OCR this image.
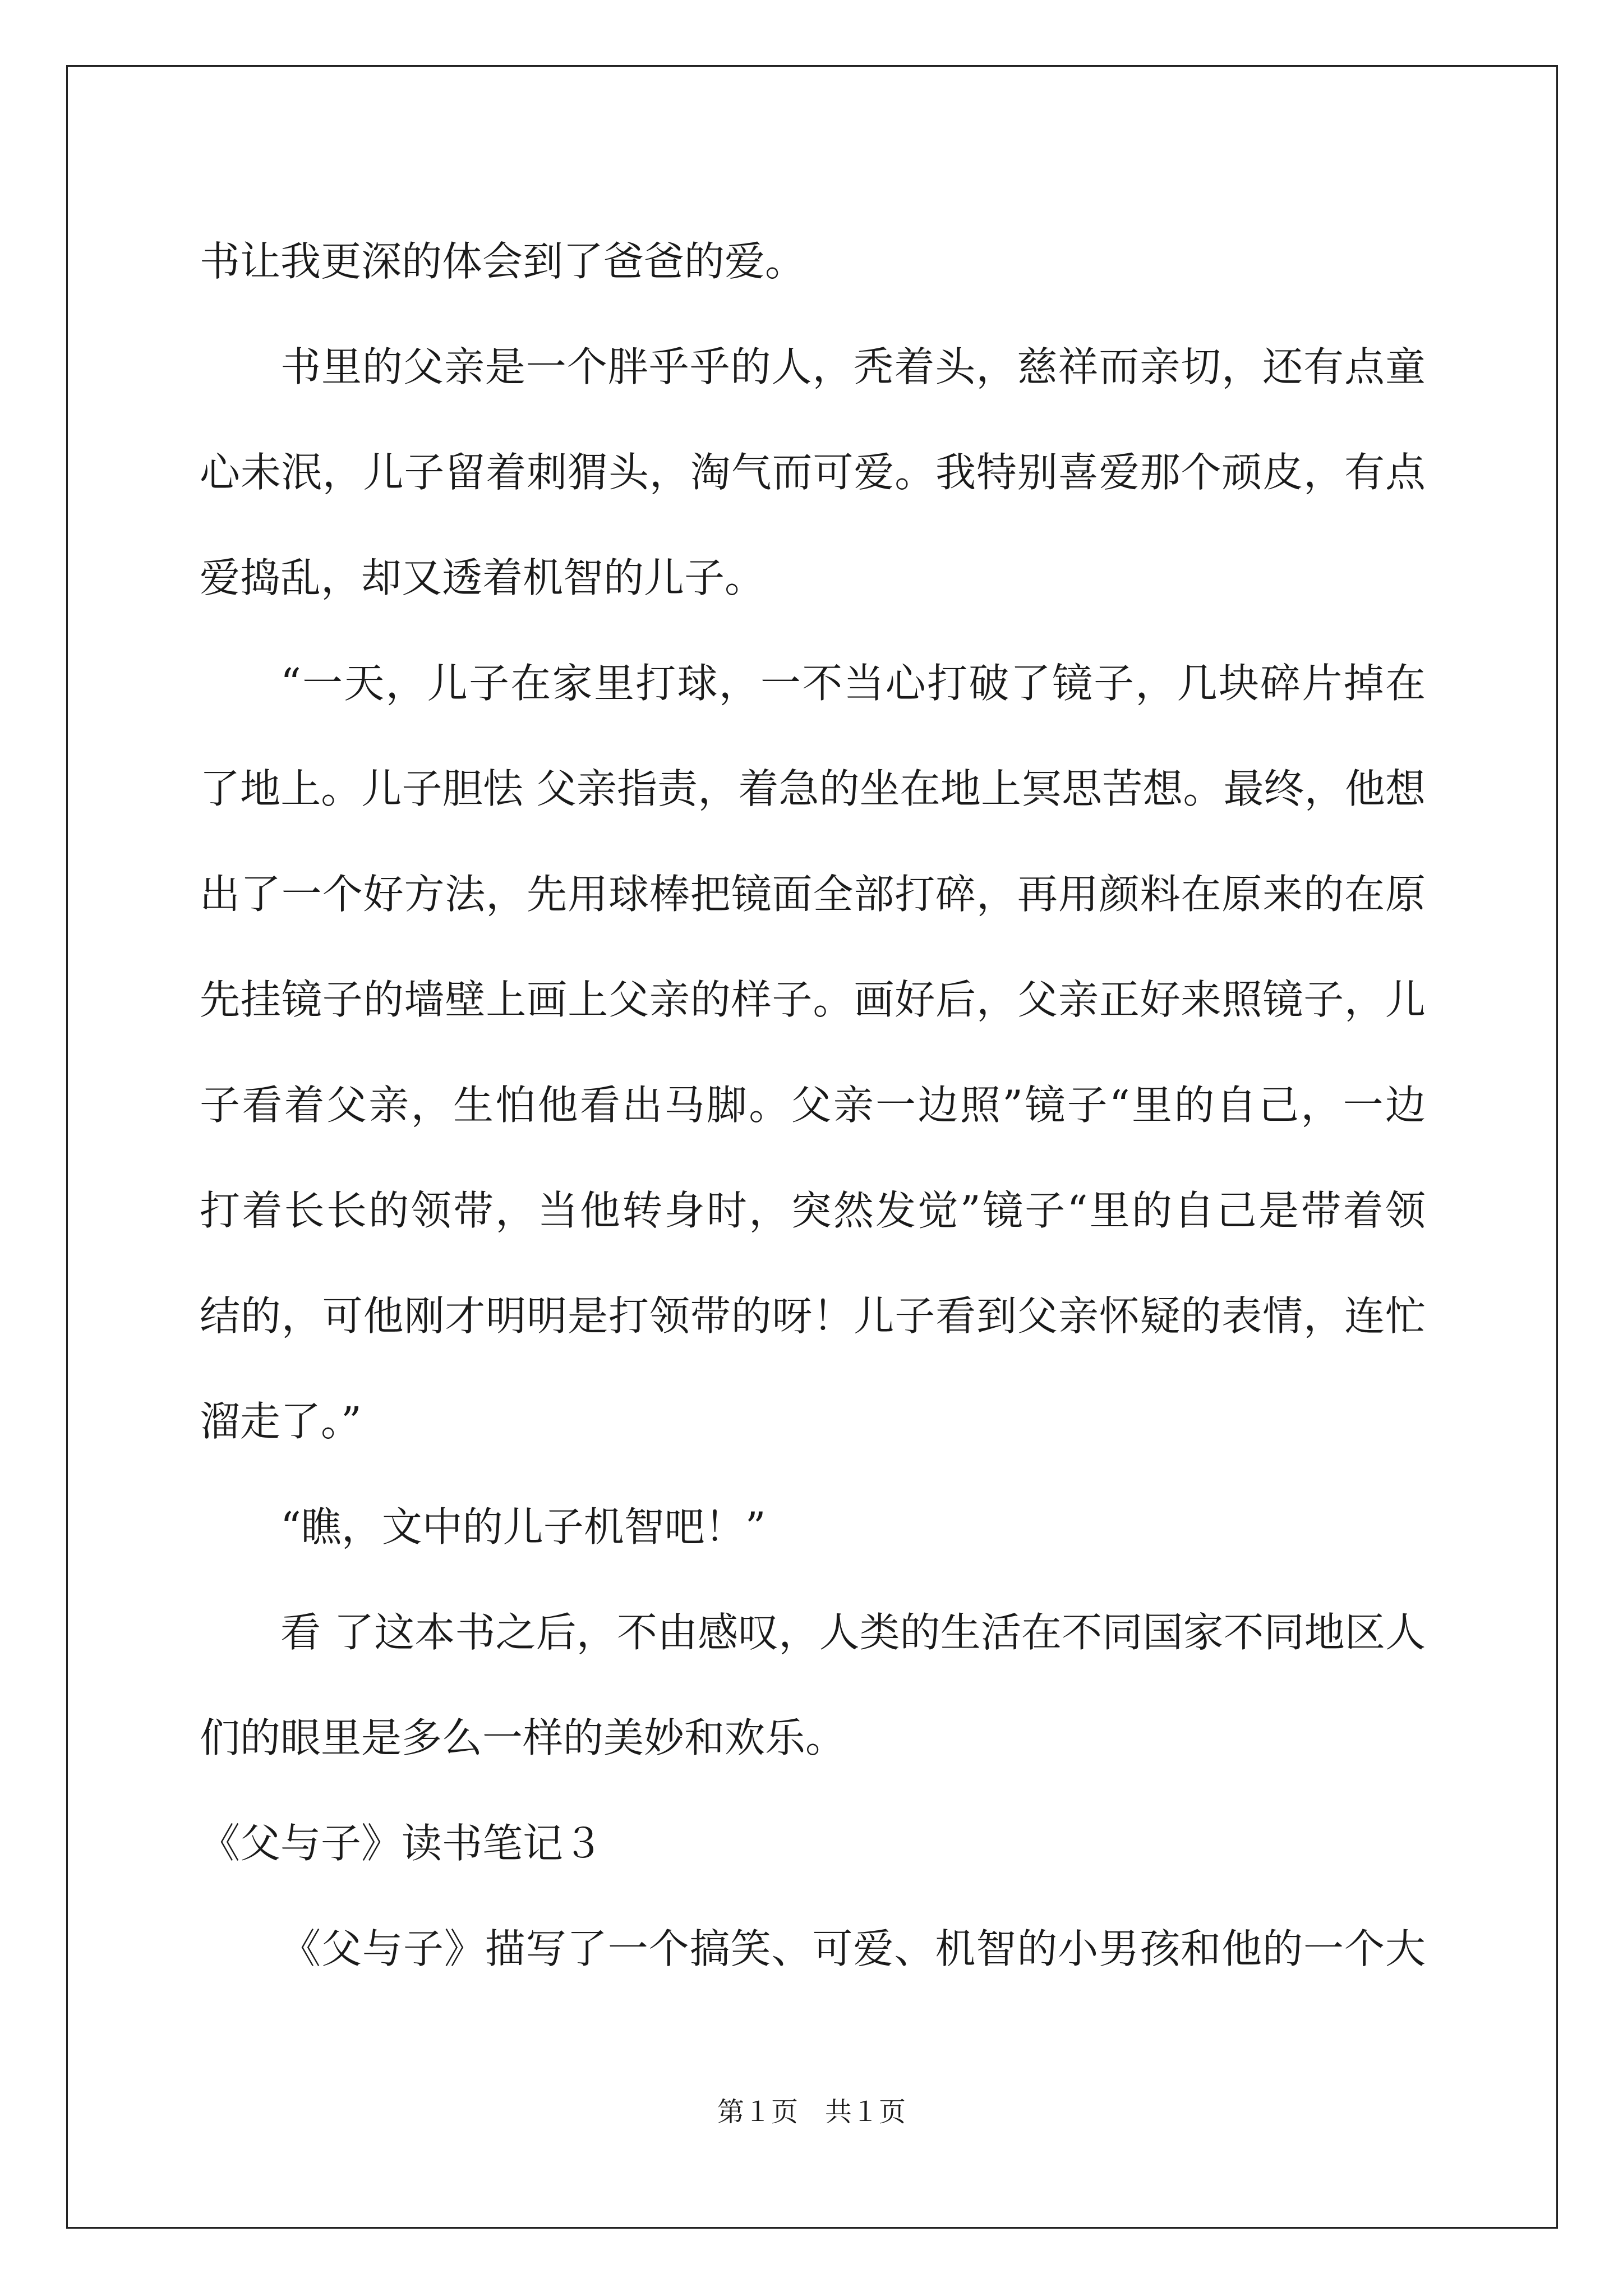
书让我更深的体会到了爸爸的爱。
书里的父亲是一个胖乎乎的人，秃着头，慈祥而亲切，还有点童
心未泯，儿子留着刺猬头，淘气而可爱。我特别喜爱那个顽皮，有点
爱捣乱，却又透着机智的儿子。
“一天，儿子在家里打球，一不当心打破了镜子，几块碎片掉在
了地上。儿子胆怯 父亲指责，着急的坐在地上冥思苦想。最终，他想
出了一个好方法，先用球棒把镜面全部打碎，再用颜料在原来的在原
先挂镜子的墙壁上画上父亲的样子。画好后，父亲正好来照镜子，儿
子看着父亲，生怕他看出马脚。父亲一边照”镜子“里的自己，一边
打着长长的领带，当他转身时，突然发觉”镜子“里的自己是带着领
结的，可他刚才明明是打领带的呀！儿子看到父亲怀疑的表情，连忙
溜走了。”
“瞧，文中的儿子机智吧！”
看 了这本书之后，不由感叹，人类的生活在不同国家不同地区人
们的眼里是多么一样的美妙和欢乐。
《父与子》读书笔记３
《父与子》描写了一个搞笑、可爱、机智的小男孩和他的一个大
第１页　共１页
